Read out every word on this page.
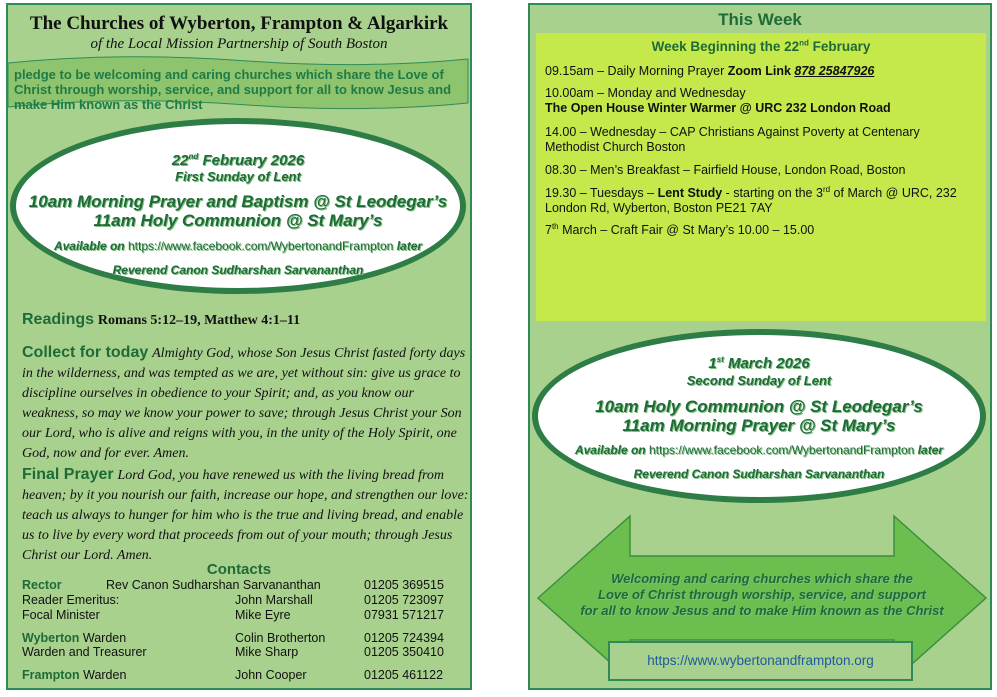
The Churches of Wyberton, Frampton & Algarkirk
of the Local Mission Partnership of South Boston
pledge to be welcoming and caring churches which share the Love of Christ through worship, service, and support for all to know Jesus and make Him known as the Christ
22nd February 2026
First Sunday of Lent
10am Morning Prayer and Baptism @ St Leodegar’s
11am Holy Communion @ St Mary’s
Available on https://www.facebook.com/WybertonandFrampton later
Reverend Canon Sudharshan Sarvananthan
Readings Romans 5:12–19, Matthew 4:1–11
Collect for today Almighty God, whose Son Jesus Christ fasted forty days in the wilderness, and was tempted as we are, yet without sin: give us grace to discipline ourselves in obedience to your Spirit; and, as you know our weakness, so may we know your power to save; through Jesus Christ your Son our Lord, who is alive and reigns with you, in the unity of the Holy Spirit, one God, now and for ever. Amen.
Final Prayer Lord God, you have renewed us with the living bread from heaven; by it you nourish our faith, increase our hope, and strengthen our love: teach us always to hunger for him who is the true and living bread, and enable us to live by every word that proceeds from out of your mouth; through Jesus Christ our Lord. Amen.
Contacts
Rector	Rev Canon Sudharshan Sarvananthan	01205 369515
Reader Emeritus:	John Marshall	01205 723097
Focal Minister	Mike Eyre	07931 571217
Wyberton Warden	Colin Brotherton	01205 724394
Warden and Treasurer	Mike Sharp	01205 350410
Frampton Warden	John Cooper	01205 461122
This Week
Week Beginning the 22nd February
09.15am – Daily Morning Prayer Zoom Link 878 25847926
10.00am – Monday and Wednesday
The Open House Winter Warmer @ URC 232 London Road
14.00 – Wednesday – CAP Christians Against Poverty at Centenary Methodist Church Boston
08.30 – Men’s Breakfast – Fairfield House, London Road, Boston
19.30 – Tuesdays – Lent Study - starting on the 3rd of March @ URC, 232 London Rd, Wyberton, Boston PE21 7AY
7th March – Craft Fair @ St Mary’s 10.00 – 15.00
1st March 2026
Second Sunday of Lent
10am Holy Communion @ St Leodegar’s
11am Morning Prayer @ St Mary’s
Available on https://www.facebook.com/WybertonandFrampton later
Reverend Canon Sudharshan Sarvananthan
Welcoming and caring churches which share the
Love of Christ through worship, service, and support
for all to know Jesus and to make Him known as the Christ
https://www.wybertonandframpton.org
